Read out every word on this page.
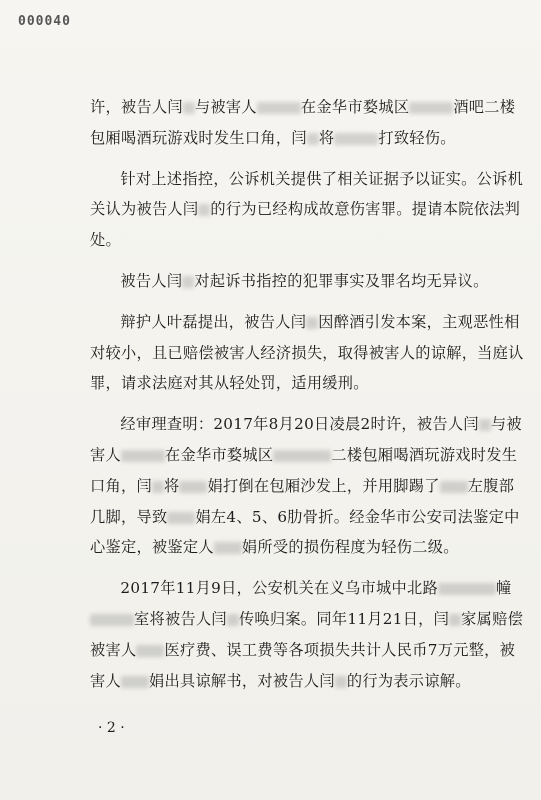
000040

许，被告人闫 与被害人	在金华市婺城区	酒吧二楼包厢喝酒玩游戏时发生口角，闫 将	打致轻伤。

针对上述指控，公诉机关提供了相关证据予以证实。公诉机关认为被告人闫 的行为已经构成故意伤害罪。提请本院依法判处。

被告人闫 对起诉书指控的犯罪事实及罪名均无异议。

辩护人叶磊提出，被告人闫 因醉酒引发本案，主观恶性相对较小，且已赔偿被害人经济损失，取得被害人的谅解，当庭认罪，请求法庭对其从轻处罚，适用缓刑。

经审理查明：2017年8月20日凌晨2时许，被告人闫 与被害人	在金华市婺城区	二楼包厢喝酒玩游戏时发生口角，闫 将 娟打倒在包厢沙发上，并用脚踢了 左腹部几脚，导致 娟左4、5、6肋骨折。经金华市公安司法鉴定中心鉴定，被鉴定人 娟所受的损伤程度为轻伤二级。

2017年11月9日，公安机关在义乌市城中北路	幢室将被告人闫 传唤归案。同年11月21日，闫 家属赔偿被害人 医疗费、误工费等各项损失共计人民币7万元整，被害人 娟出具谅解书，对被告人闫 的行为表示谅解。

· 2 ·
